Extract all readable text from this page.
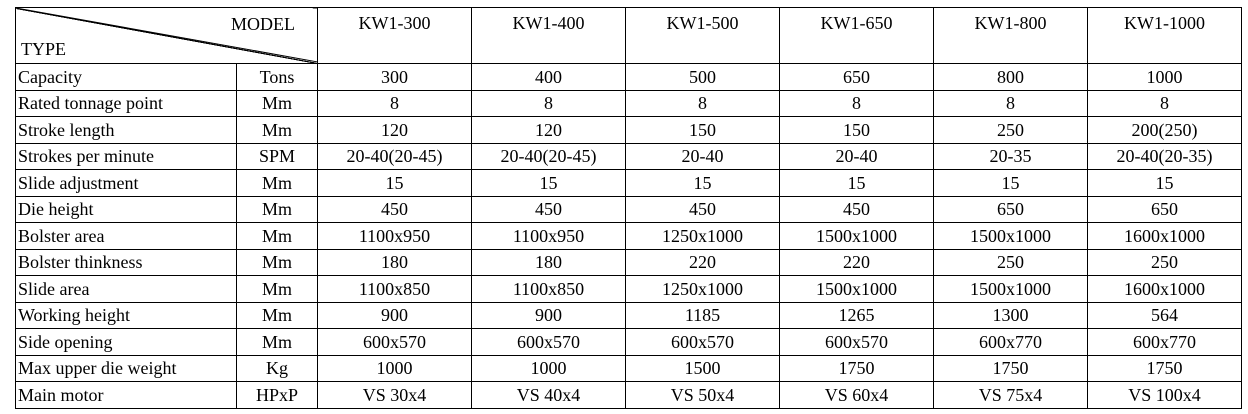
MODEL
TYPE		KW1-300	KW1-400	KW1-500	KW1-650	KW1-800	KW1-1000
Capacity	Tons	300	400	500	650	800	1000
Rated tonnage point	Mm	8	8	8	8	8	8
Stroke length	Mm	120	120	150	150	250	200(250)
Strokes per minute	SPM	20-40(20-45)	20-40(20-45)	20-40	20-40	20-35	20-40(20-35)
Slide adjustment	Mm	15	15	15	15	15	15
Die height	Mm	450	450	450	450	650	650
Bolster area	Mm	1100x950	1100x950	1250x1000	1500x1000	1500x1000	1600x1000
Bolster thinkness	Mm	180	180	220	220	250	250
Slide area	Mm	1100x850	1100x850	1250x1000	1500x1000	1500x1000	1600x1000
Working height	Mm	900	900	1185	1265	1300	564
Side opening	Mm	600x570	600x570	600x570	600x570	600x770	600x770
Max upper die weight	Kg	1000	1000	1500	1750	1750	1750
Main motor	HPxP	VS 30x4	VS 40x4	VS 50x4	VS 60x4	VS 75x4	VS 100x4
